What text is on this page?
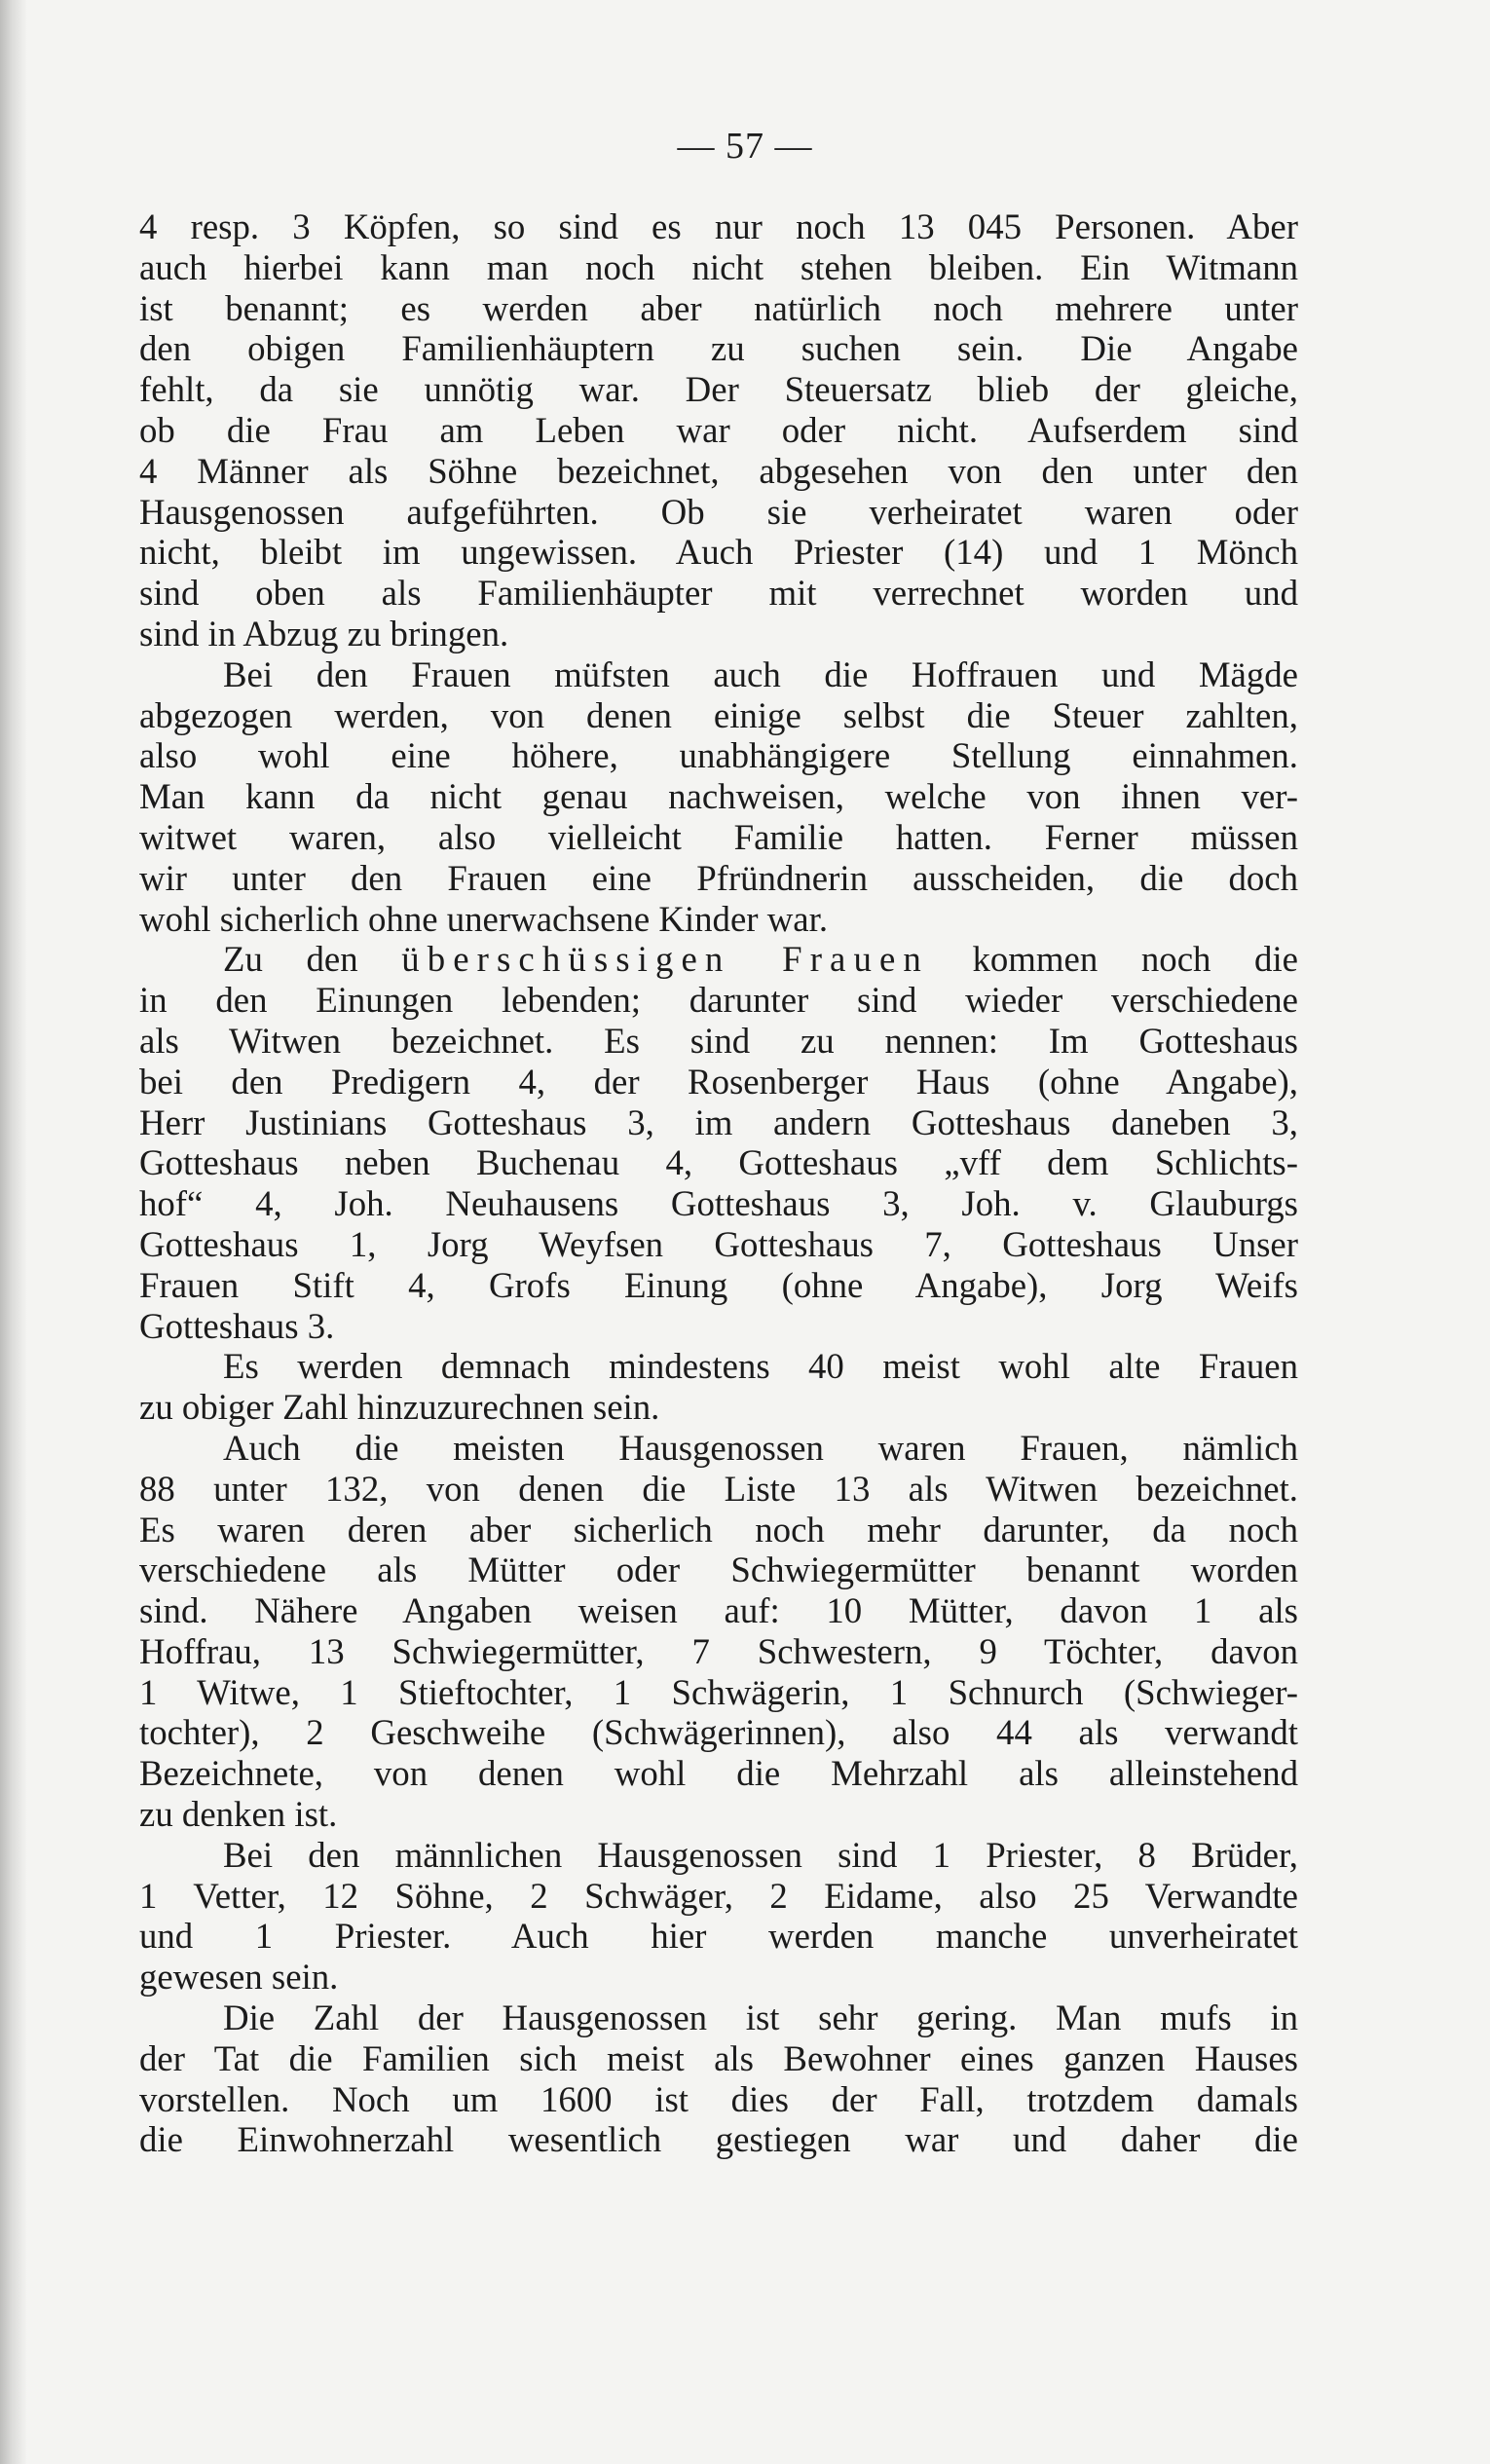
— 57 —
4 resp. 3 Köpfen, so sind es nur noch 13 045 Personen. Aber
auch hierbei kann man noch nicht stehen bleiben. Ein Witmann
ist benannt; es werden aber natürlich noch mehrere unter
den obigen Familienhäuptern zu suchen sein. Die Angabe
fehlt, da sie unnötig war. Der Steuersatz blieb der gleiche,
ob die Frau am Leben war oder nicht. Aufserdem sind
4 Männer als Söhne bezeichnet, abgesehen von den unter den
Hausgenossen aufgeführten. Ob sie verheiratet waren oder
nicht, bleibt im ungewissen. Auch Priester (14) und 1 Mönch
sind oben als Familienhäupter mit verrechnet worden und
sind in Abzug zu bringen.
Bei den Frauen müfsten auch die Hoffrauen und Mägde
abgezogen werden, von denen einige selbst die Steuer zahlten,
also wohl eine höhere, unabhängigere Stellung einnahmen.
Man kann da nicht genau nachweisen, welche von ihnen ver-
witwet waren, also vielleicht Familie hatten. Ferner müssen
wir unter den Frauen eine Pfründnerin ausscheiden, die doch
wohl sicherlich ohne unerwachsene Kinder war.
Zu den überschüssigen Frauen kommen noch die
in den Einungen lebenden; darunter sind wieder verschiedene
als Witwen bezeichnet. Es sind zu nennen: Im Gotteshaus
bei den Predigern 4, der Rosenberger Haus (ohne Angabe),
Herr Justinians Gotteshaus 3, im andern Gotteshaus daneben 3,
Gotteshaus neben Buchenau 4, Gotteshaus „vff dem Schlichts-
hof“ 4, Joh. Neuhausens Gotteshaus 3, Joh. v. Glauburgs
Gotteshaus 1, Jorg Weyfsen Gotteshaus 7, Gotteshaus Unser
Frauen Stift 4, Grofs Einung (ohne Angabe), Jorg Weifs
Gotteshaus 3.
Es werden demnach mindestens 40 meist wohl alte Frauen
zu obiger Zahl hinzuzurechnen sein.
Auch die meisten Hausgenossen waren Frauen, nämlich
88 unter 132, von denen die Liste 13 als Witwen bezeichnet.
Es waren deren aber sicherlich noch mehr darunter, da noch
verschiedene als Mütter oder Schwiegermütter benannt worden
sind. Nähere Angaben weisen auf: 10 Mütter, davon 1 als
Hoffrau, 13 Schwiegermütter, 7 Schwestern, 9 Töchter, davon
1 Witwe, 1 Stieftochter, 1 Schwägerin, 1 Schnurch (Schwieger-
tochter), 2 Geschweihe (Schwägerinnen), also 44 als verwandt
Bezeichnete, von denen wohl die Mehrzahl als alleinstehend
zu denken ist.
Bei den männlichen Hausgenossen sind 1 Priester, 8 Brüder,
1 Vetter, 12 Söhne, 2 Schwäger, 2 Eidame, also 25 Verwandte
und 1 Priester. Auch hier werden manche unverheiratet
gewesen sein.
Die Zahl der Hausgenossen ist sehr gering. Man mufs in
der Tat die Familien sich meist als Bewohner eines ganzen Hauses
vorstellen. Noch um 1600 ist dies der Fall, trotzdem damals
die Einwohnerzahl wesentlich gestiegen war und daher die
